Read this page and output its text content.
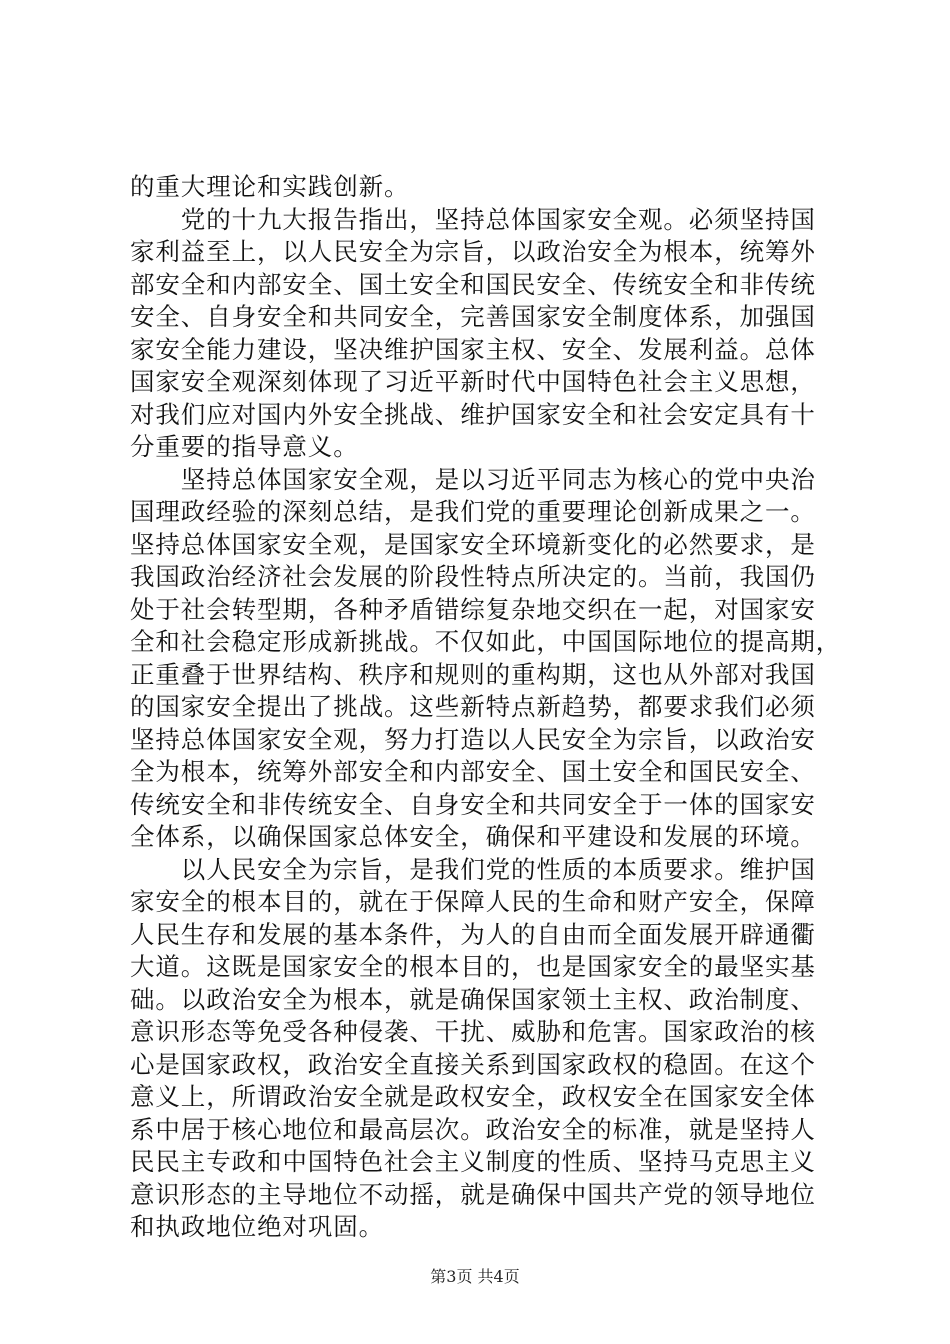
的重大理论和实践创新。
　　党的十九大报告指出，坚持总体国家安全观。必须坚持国
家利益至上，以人民安全为宗旨，以政治安全为根本，统筹外
部安全和内部安全、国土安全和国民安全、传统安全和非传统
安全、自身安全和共同安全，完善国家安全制度体系，加强国
家安全能力建设，坚决维护国家主权、安全、发展利益。总体
国家安全观深刻体现了习近平新时代中国特色社会主义思想，
对我们应对国内外安全挑战、维护国家安全和社会安定具有十
分重要的指导意义。
　　坚持总体国家安全观，是以习近平同志为核心的党中央治
国理政经验的深刻总结，是我们党的重要理论创新成果之一。
坚持总体国家安全观，是国家安全环境新变化的必然要求，是
我国政治经济社会发展的阶段性特点所决定的。当前，我国仍
处于社会转型期，各种矛盾错综复杂地交织在一起，对国家安
全和社会稳定形成新挑战。不仅如此，中国国际地位的提高期，
正重叠于世界结构、秩序和规则的重构期，这也从外部对我国
的国家安全提出了挑战。这些新特点新趋势，都要求我们必须
坚持总体国家安全观，努力打造以人民安全为宗旨，以政治安
全为根本，统筹外部安全和内部安全、国土安全和国民安全、
传统安全和非传统安全、自身安全和共同安全于一体的国家安
全体系，以确保国家总体安全，确保和平建设和发展的环境。
　　以人民安全为宗旨，是我们党的性质的本质要求。维护国
家安全的根本目的，就在于保障人民的生命和财产安全，保障
人民生存和发展的基本条件，为人的自由而全面发展开辟通衢
大道。这既是国家安全的根本目的，也是国家安全的最坚实基
础。以政治安全为根本，就是确保国家领土主权、政治制度、
意识形态等免受各种侵袭、干扰、威胁和危害。国家政治的核
心是国家政权，政治安全直接关系到国家政权的稳固。在这个
意义上，所谓政治安全就是政权安全，政权安全在国家安全体
系中居于核心地位和最高层次。政治安全的标准，就是坚持人
民民主专政和中国特色社会主义制度的性质、坚持马克思主义
意识形态的主导地位不动摇，就是确保中国共产党的领导地位
和执政地位绝对巩固。
第3页 共4页
